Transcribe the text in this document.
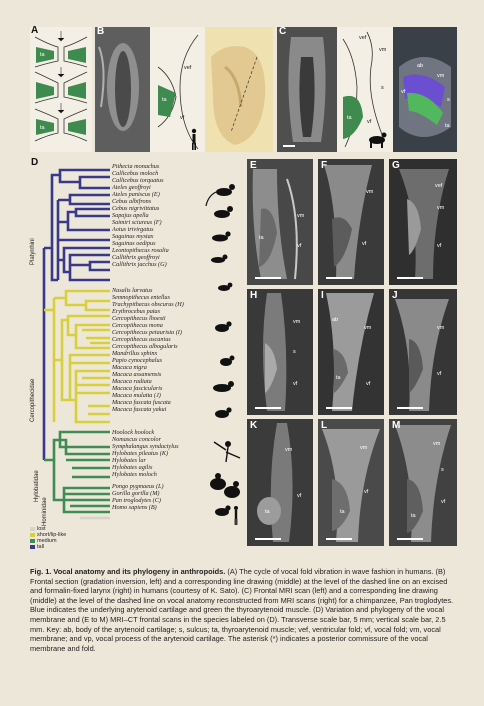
A
ta
ta
B
vef
ta
vf
C
vef
vm
ta
vf
s
ab
vf
ta
vm
s
D
Platyrrhini
Cercopithecidae
Hylobatidae
Hominidae
lost
short/lip-like
medium
tall
Pithecia monachus
Callicebus moloch
Callicebus torquatus
Ateles geoffroyi
Ateles paniscus (E)
Cebus albifrons
Cebus nigrivittatus
Sapajus apella
Saimiri sciureus (F)
Aotus trivirgatus
Saguinus mystax
Saguinus oedipus
Leontopithecus rosalia
Callithrix geoffroyi
Callithrix jacchus (G)
Nasalis larvatus
Semnopithecus entellus
Trachypithecus obscurus (H)
Erythrocebus patas
Cercopithecus lhoesti
Cercopithecus mona
Cercopithecus petaurista (I)
Cercopithecus ascanius
Cercopithecus albogularis
Mandrillus sphinx
Papio cynocephalus
Macaca nigra
Macaca assamensis
Macaca radiata
Macaca fascicularis
Macaca mulatta (J)
Macaca fuscata fuscata
Macaca fuscata yakui
Hoolock hoolock
Nomascus concolor
Symphalangus syndactylus
Hylobates pileatus (K)
Hylobates lar
Hylobates agilis
Hylobates moloch
Pongo pygmaeus (L)
Gorilla gorilla (M)
Pan troglodytes (C)
Homo sapiens (B)
E
vm
ta
vf
F
vm
vf
G
vef
vm
vf
H
vm
s
vf
I
ab
vm
ta
vf
J
vm
vf
K
vm
ta
vf
L
vm
ta
vf
M
vm
s
vf
ta
Fig. 1. Vocal anatomy and its phylogeny in anthropoids. (A) The cycle of vocal fold vibration in wave fashion in humans. (B) Frontal section (gradation inversion, left) and a corresponding line drawing (middle) at the level of the dashed line on an excised and formalin-fixed larynx (right) in humans (courtesy of K. Sato). (C) Frontal MRI scan (left) and a corresponding line drawing (middle) at the level of the dashed line on vocal anatomy reconstructed from MRI scans (right) for a chimpanzee, Pan troglodytes. Blue indicates the underlying arytenoid cartilage and green the thyroarytenoid muscle. (D) Variation and phylogeny of the vocal membrane and (E to M) MRI–CT frontal scans in the species labeled on (D). Transverse scale bar, 5 mm; vertical scale bar, 2.5 mm. Key: ab, body of the arytenoid cartilage; s, sulcus; ta, thyroarytenoid muscle; vef, ventricular fold; vf, vocal fold; vm, vocal membrane; and vp, vocal process of the arytenoid cartilage. The asterisk (*) indicates a posterior commissure of the vocal membrane and fold.
